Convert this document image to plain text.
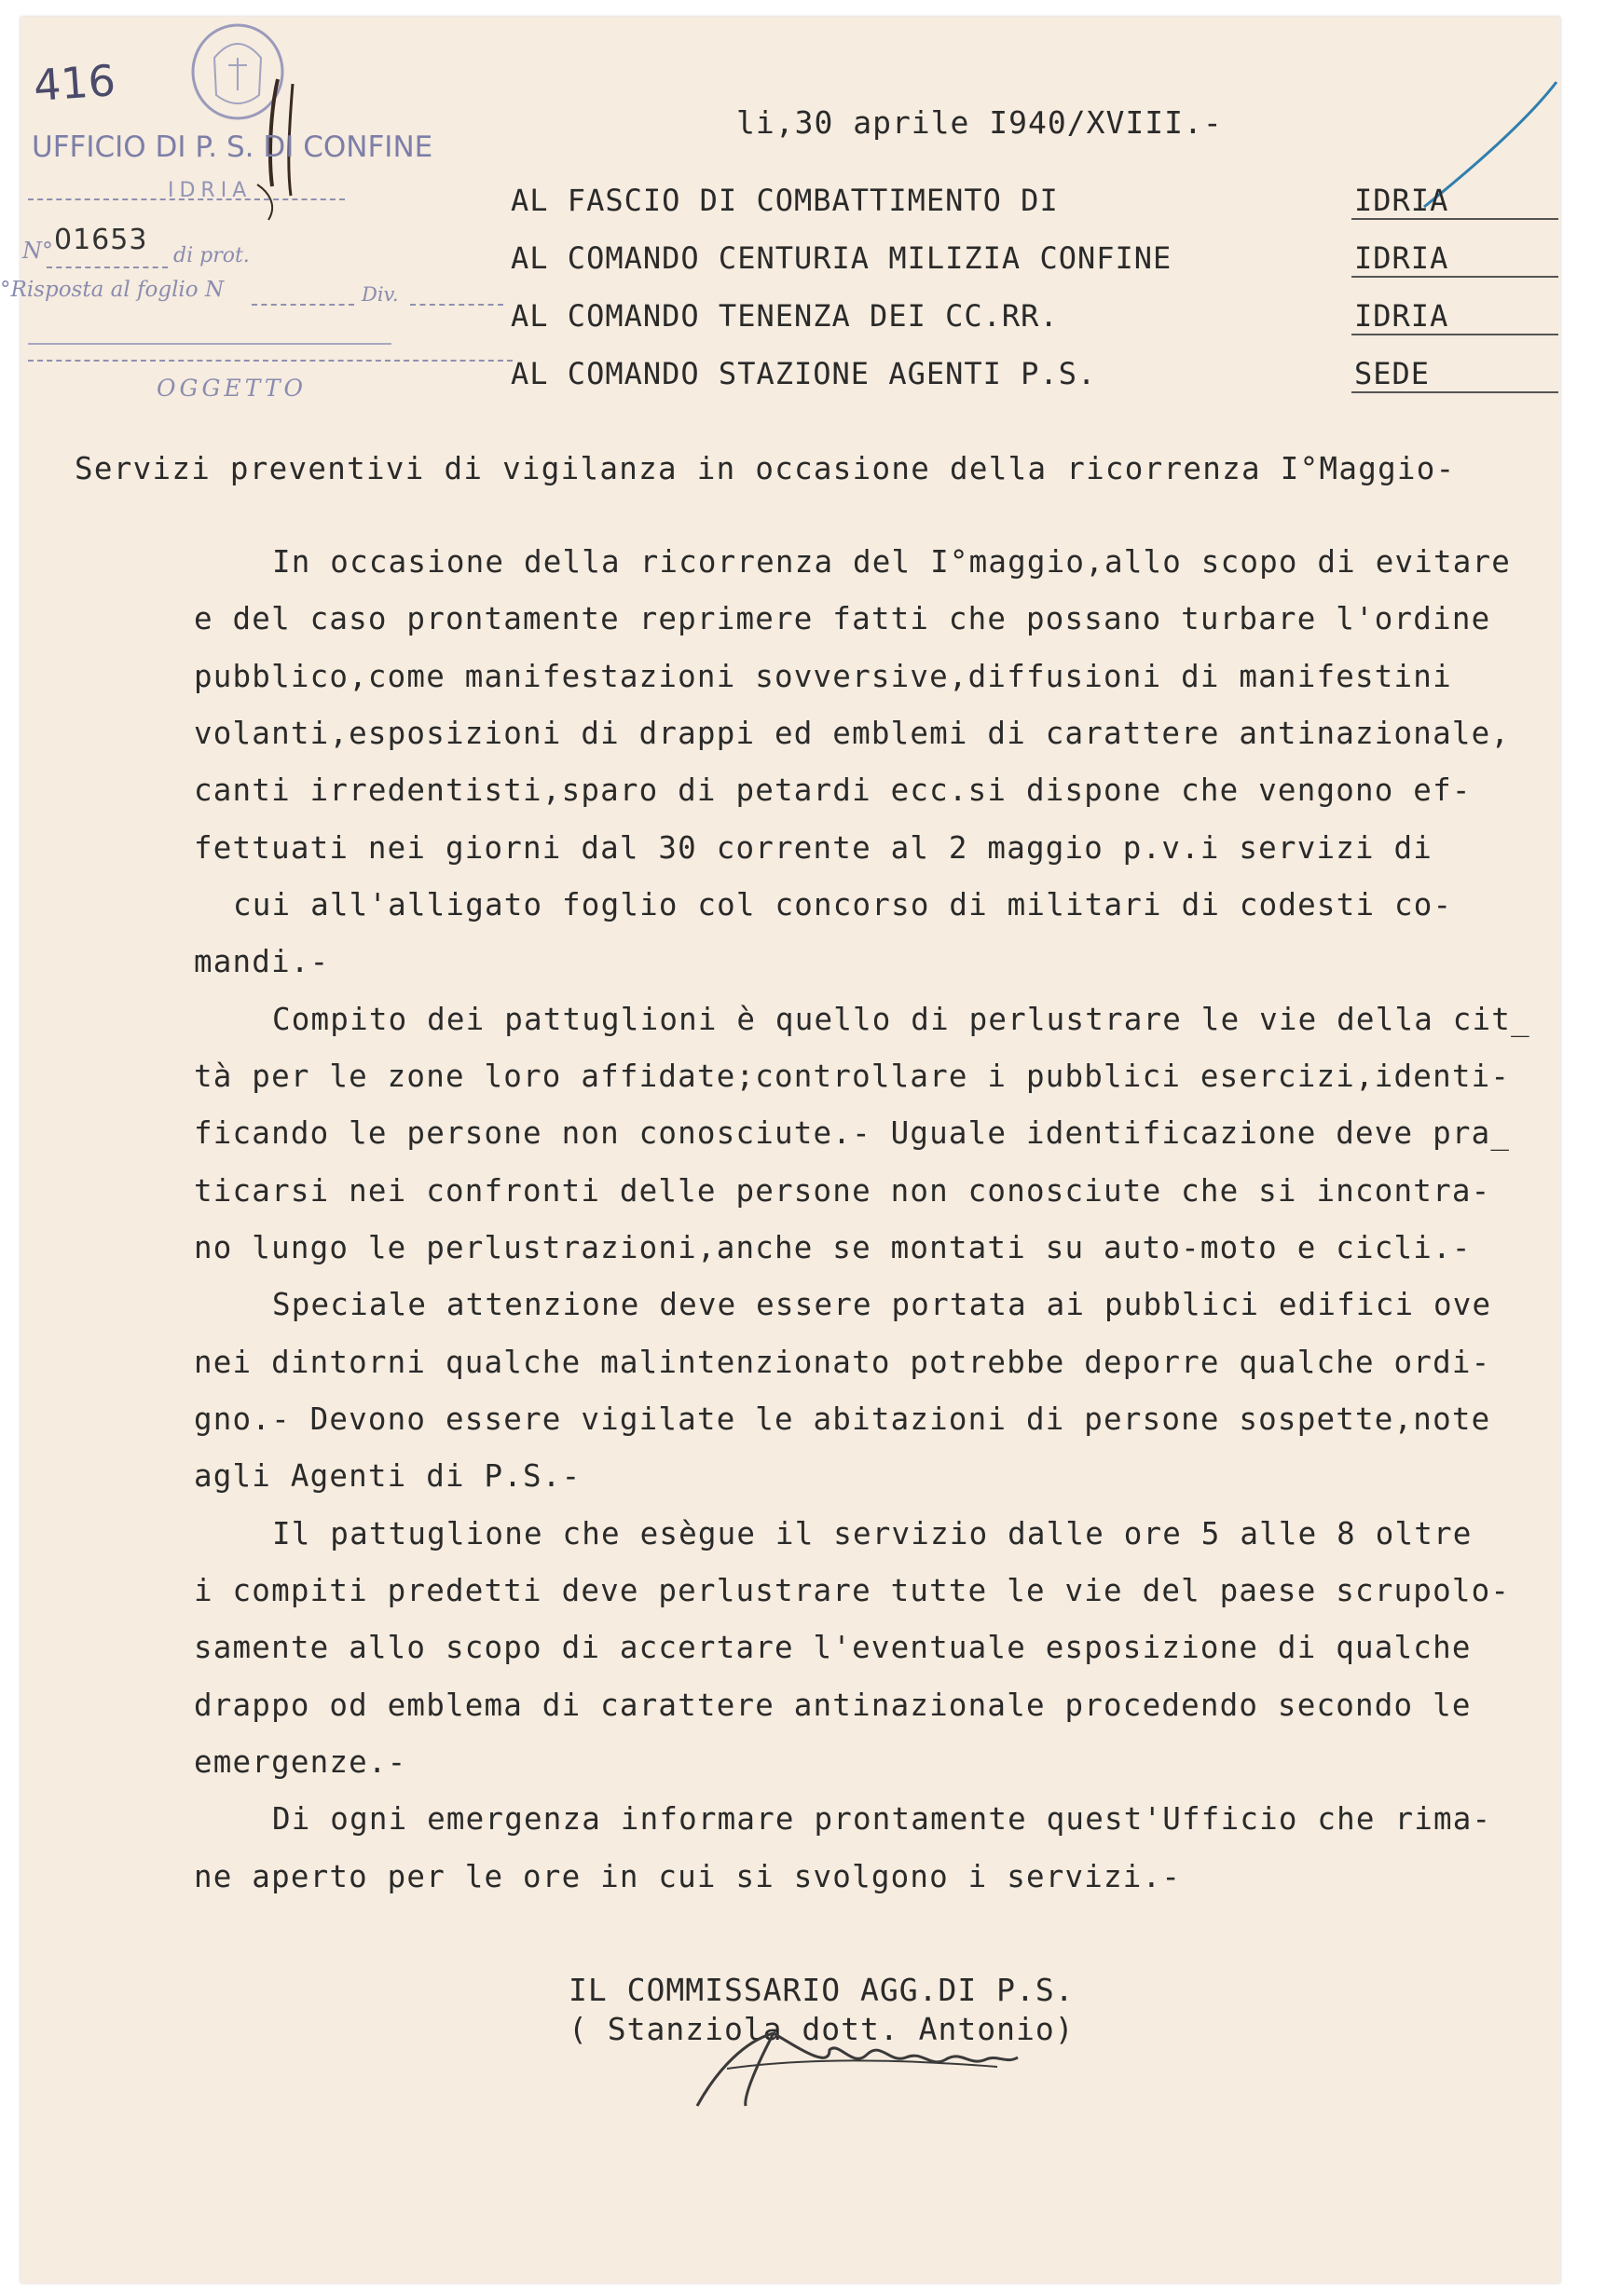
416
UFFICIO DI P. S. DI CONFINE
IDRIA
N° 01653 di prot.
Risposta al foglio N°	Div.
OGGETTO
li,30 aprile I940/XVIII.-
AL FASCIO DI COMBATTIMENTO DI	IDRIA
AL COMANDO CENTURIA MILIZIA CONFINE	IDRIA
AL COMANDO TENENZA DEI CC.RR.	IDRIA
AL COMANDO STAZIONE AGENTI P.S.	SEDE
Servizi preventivi di vigilanza in occasione della ricorrenza I°Maggio-
In occasione della ricorrenza del I°maggio,allo scopo di evitare
e del caso prontamente reprimere fatti che possano turbare l'ordine
pubblico,come manifestazioni sovversive,diffusioni di manifestini
volanti,esposizioni di drappi ed emblemi di carattere antinazionale,
canti irredentisti,sparo di petardi ecc.si dispone che vengono ef-
fettuati nei giorni dal 30 corrente al 2 maggio p.v.i servizi di
cui all'alligato foglio col concorso di militari di codesti co-
mandi.-
Compito dei pattuglioni è quello di perlustrare le vie della cit_
tà per le zone loro affidate;controllare i pubblici esercizi,identi-
ficando le persone non conosciute.- Uguale identificazione deve pra_
ticarsi nei confronti delle persone non conosciute che si incontra-
no lungo le perlustrazioni,anche se montati su auto-moto e cicli.-
Speciale attenzione deve essere portata ai pubblici edifici ove
nei dintorni qualche malintenzionato potrebbe deporre qualche ordi-
gno.- Devono essere vigilate le abitazioni di persone sospette,note
agli Agenti di P.S.-
Il pattuglione che esègue il servizio dalle ore 5 alle 8 oltre
i compiti predetti deve perlustrare tutte le vie del paese scrupolo-
samente allo scopo di accertare l'eventuale esposizione di qualche
drappo od emblema di carattere antinazionale procedendo secondo le
emergenze.-
Di ogni emergenza informare prontamente quest'Ufficio che rima-
ne aperto per le ore in cui si svolgono i servizi.-
IL COMMISSARIO AGG.DI P.S.
( Stanziola dott. Antonio)
